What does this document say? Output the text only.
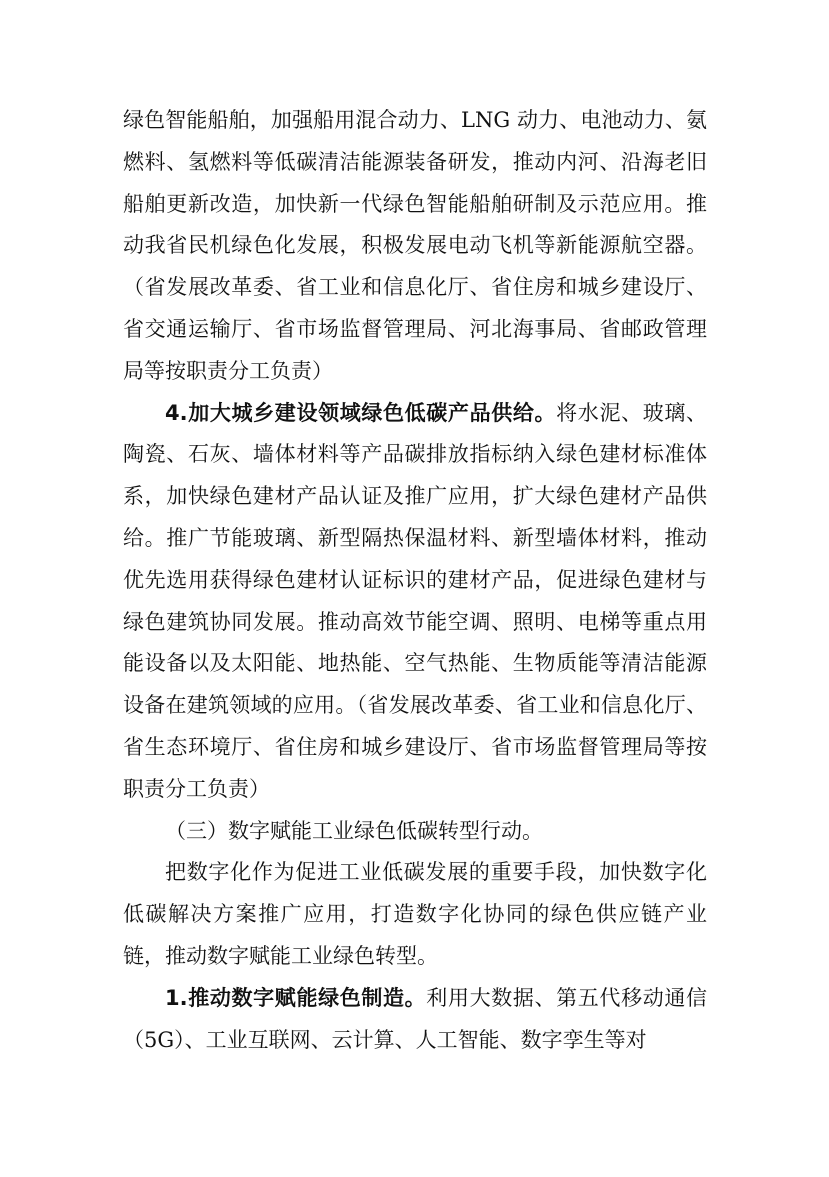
绿色智能船舶，加强船用混合动力、LNG 动力、电池动力、氨燃料、氢燃料等低碳清洁能源装备研发，推动内河、沿海老旧船舶更新改造，加快新一代绿色智能船舶研制及示范应用。推动我省民机绿色化发展，积极发展电动飞机等新能源航空器。（省发展改革委、省工业和信息化厅、省住房和城乡建设厅、省交通运输厅、省市场监督管理局、河北海事局、省邮政管理局等按职责分工负责）

4.加大城乡建设领域绿色低碳产品供给。将水泥、玻璃、陶瓷、石灰、墙体材料等产品碳排放指标纳入绿色建材标准体系，加快绿色建材产品认证及推广应用，扩大绿色建材产品供给。推广节能玻璃、新型隔热保温材料、新型墙体材料，推动优先选用获得绿色建材认证标识的建材产品，促进绿色建材与绿色建筑协同发展。推动高效节能空调、照明、电梯等重点用能设备以及太阳能、地热能、空气热能、生物质能等清洁能源设备在建筑领域的应用。（省发展改革委、省工业和信息化厅、省生态环境厅、省住房和城乡建设厅、省市场监督管理局等按职责分工负责）

（三）数字赋能工业绿色低碳转型行动。

把数字化作为促进工业低碳发展的重要手段，加快数字化低碳解决方案推广应用，打造数字化协同的绿色供应链产业链，推动数字赋能工业绿色转型。

1.推动数字赋能绿色制造。利用大数据、第五代移动通信（5G）、工业互联网、云计算、人工智能、数字孪生等对
